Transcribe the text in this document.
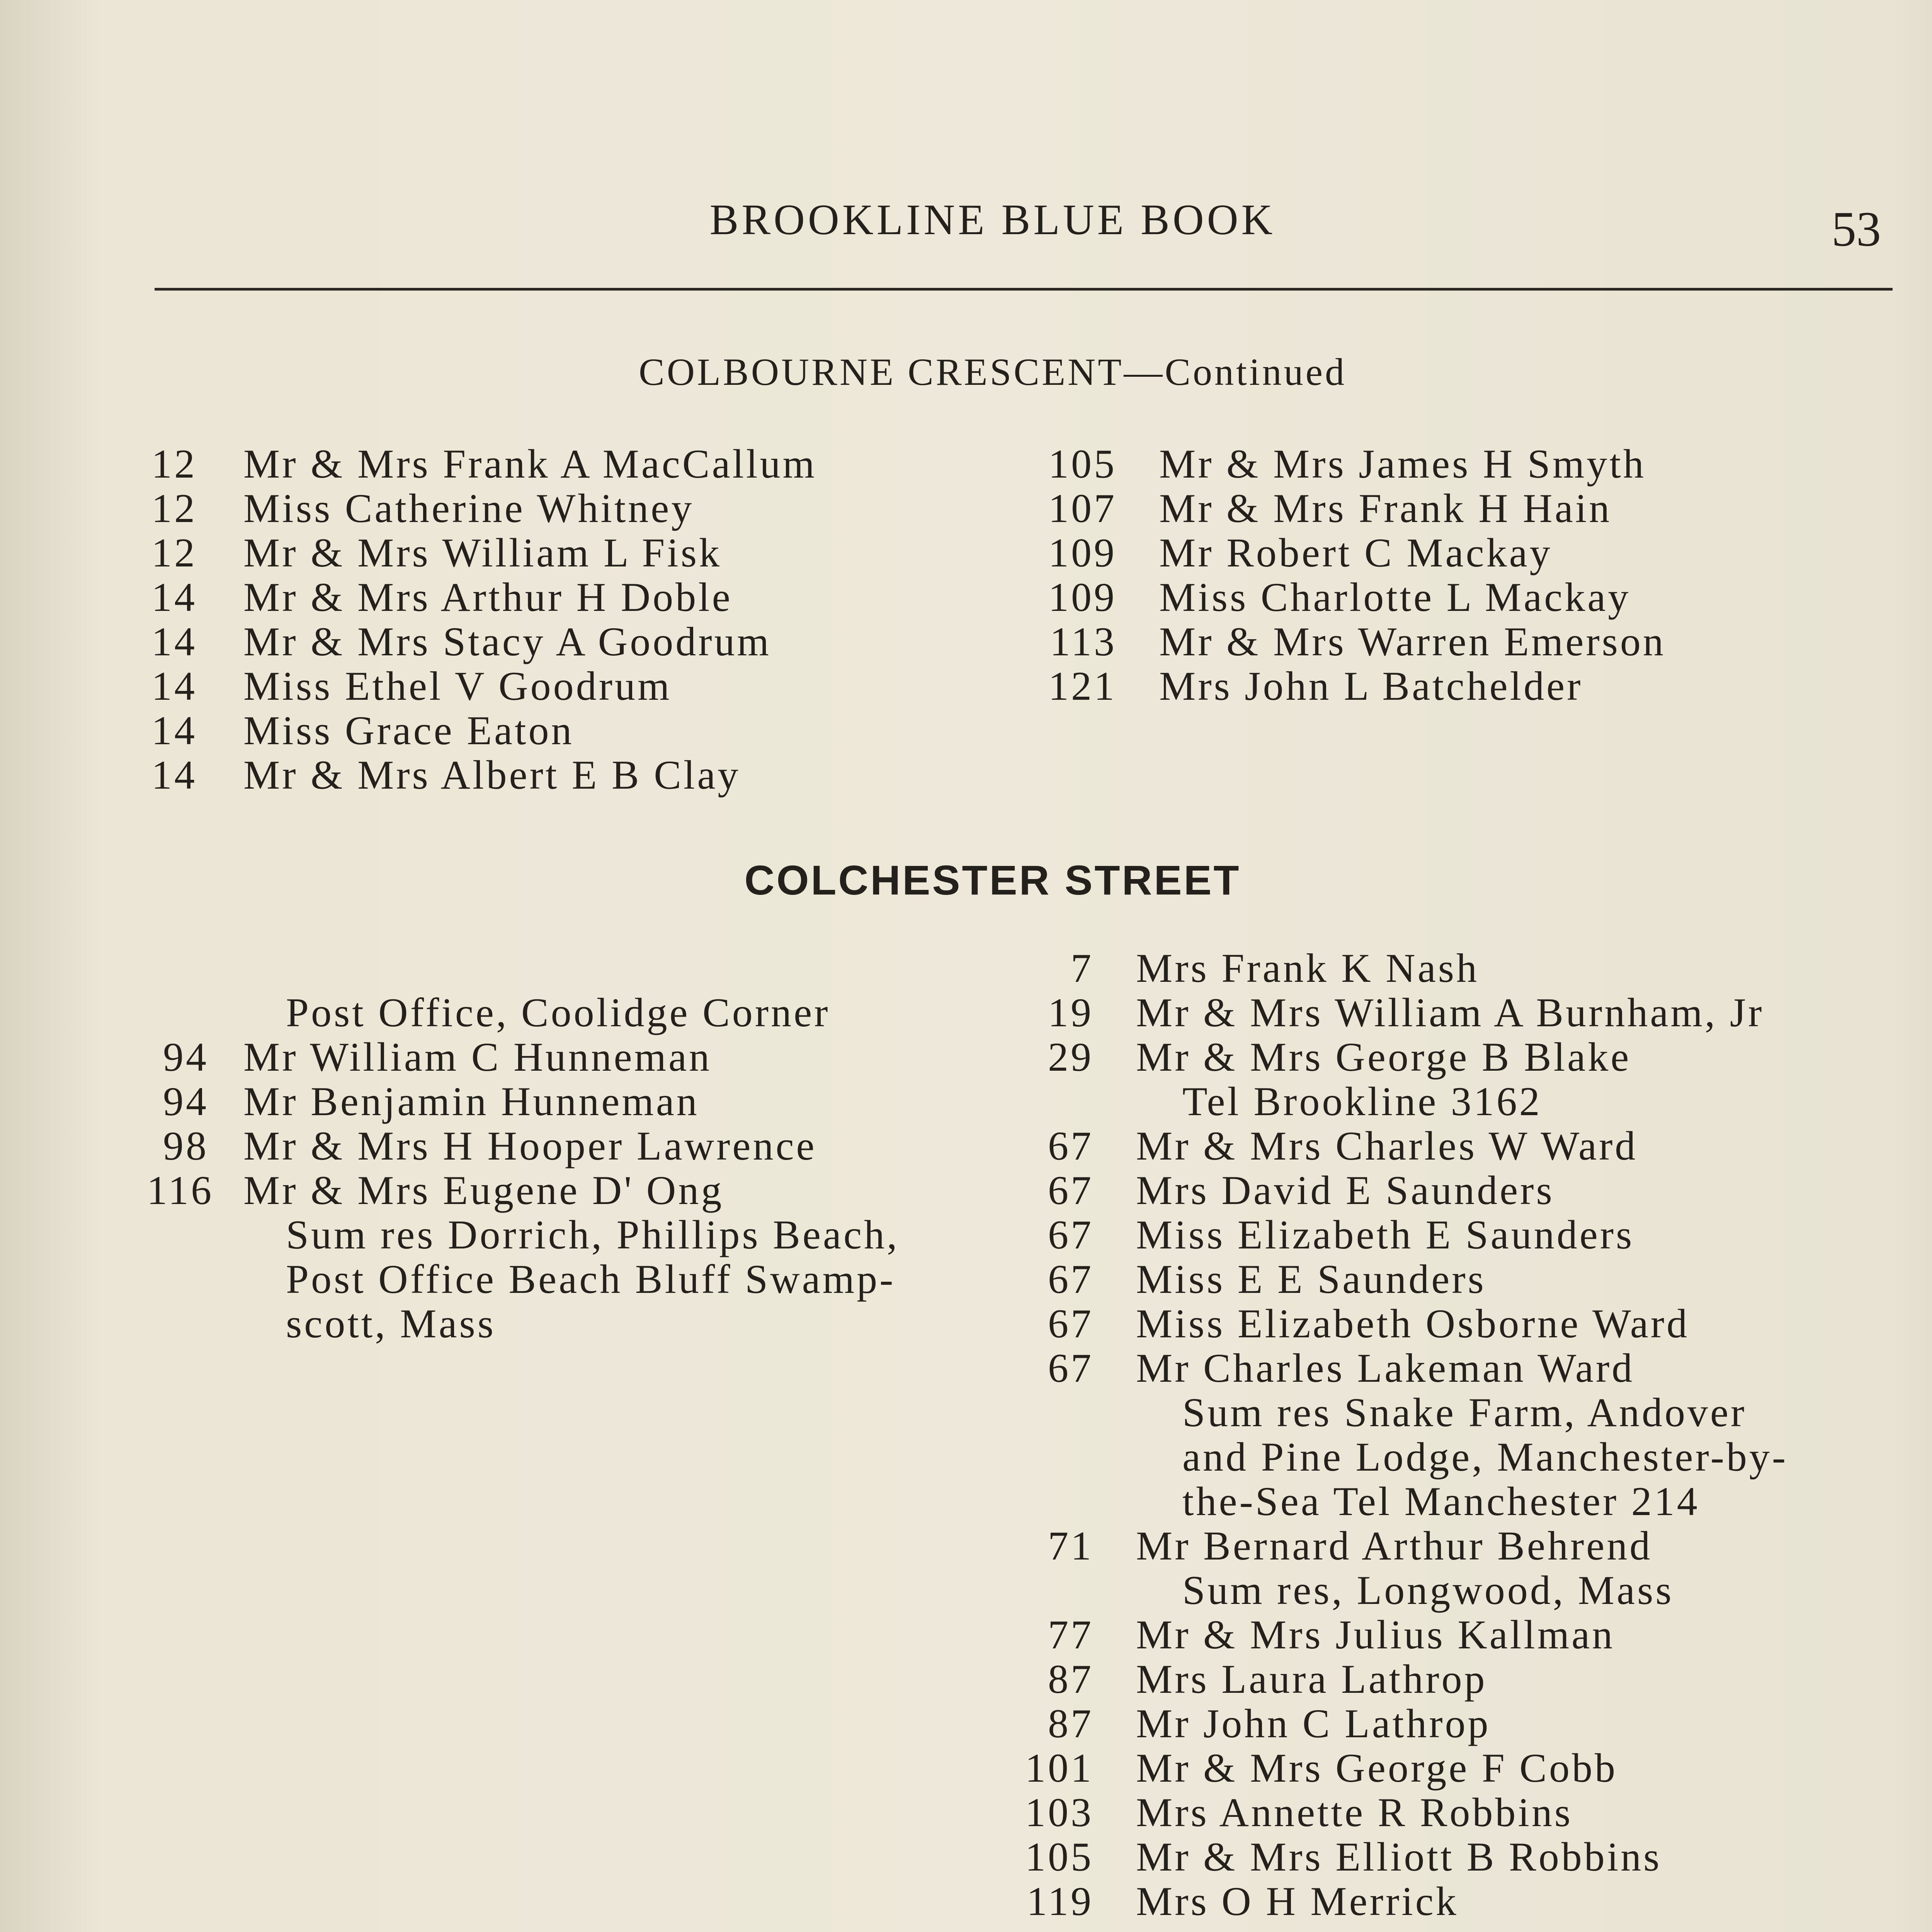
BROOKLINE BLUE BOOK	53
COLBOURNE CRESCENT—Continued
12 Mr & Mrs Frank A MacCallum
12 Miss Catherine Whitney
12 Mr & Mrs William L Fisk
14 Mr & Mrs Arthur H Doble
14 Mr & Mrs Stacy A Goodrum
14 Miss Ethel V Goodrum
14 Miss Grace Eaton
14 Mr & Mrs Albert E B Clay
105 Mr & Mrs James H Smyth
107 Mr & Mrs Frank H Hain
109 Mr Robert C Mackay
109 Miss Charlotte L Mackay
113 Mr & Mrs Warren Emerson
121 Mrs John L Batchelder
COLCHESTER STREET
Post Office, Coolidge Corner
94 Mr William C Hunneman
94 Mr Benjamin Hunneman
98 Mr & Mrs H Hooper Lawrence
116 Mr & Mrs Eugene D' Ong
Sum res Dorrich, Phillips Beach,
Post Office Beach Bluff Swamp-
scott, Mass
7 Mrs Frank K Nash
19 Mr & Mrs William A Burnham, Jr
29 Mr & Mrs George B Blake
Tel Brookline 3162
67 Mr & Mrs Charles W Ward
67 Mrs David E Saunders
67 Miss Elizabeth E Saunders
67 Miss E E Saunders
67 Miss Elizabeth Osborne Ward
67 Mr Charles Lakeman Ward
Sum res Snake Farm, Andover
and Pine Lodge, Manchester-by-
the-Sea Tel Manchester 214
71 Mr Bernard Arthur Behrend
Sum res, Longwood, Mass
77 Mr & Mrs Julius Kallman
87 Mrs Laura Lathrop
87 Mr John C Lathrop
101 Mr & Mrs George F Cobb
103 Mrs Annette R Robbins
105 Mr & Mrs Elliott B Robbins
119 Mrs O H Merrick
